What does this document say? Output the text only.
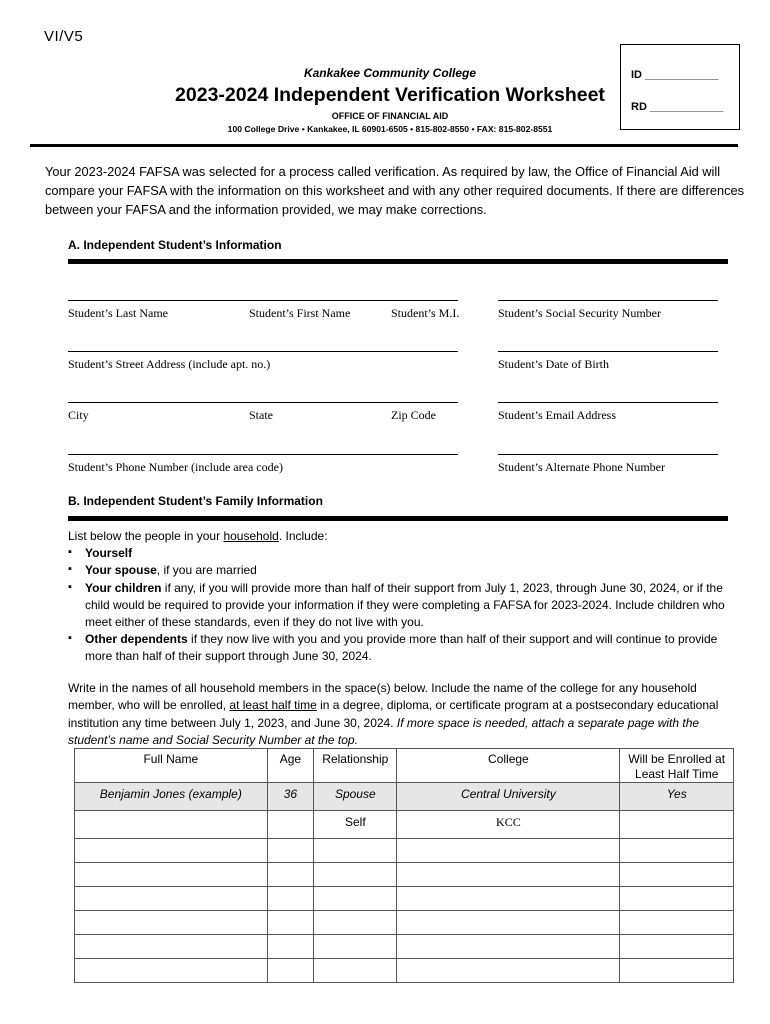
VI/V5
ID ____________
RD ____________
Kankakee Community College
2023-2024 Independent Verification Worksheet
OFFICE OF FINANCIAL AID
100 College Drive • Kankakee, IL 60901-6505 • 815-802-8550 • FAX: 815-802-8551
Your 2023-2024 FAFSA was selected for a process called verification. As required by law, the Office of Financial Aid will compare your FAFSA with the information on this worksheet and with any other required documents. If there are differences between your FAFSA and the information provided, we may make corrections.
A. Independent Student’s Information
Student’s Last Name	Student’s First Name	Student’s M.I.	Student’s Social Security Number
Student’s Street Address (include apt. no.)	Student’s Date of Birth
City	State	Zip Code	Student’s Email Address
Student’s Phone Number (include area code)	Student’s Alternate Phone Number
B. Independent Student’s Family Information
List below the people in your household. Include:
▪ Yourself
▪ Your spouse, if you are married
▪ Your children if any, if you will provide more than half of their support from July 1, 2023, through June 30, 2024, or if the child would be required to provide your information if they were completing a FAFSA for 2023-2024. Include children who meet either of these standards, even if they do not live with you.
▪ Other dependents if they now live with you and you provide more than half of their support and will continue to provide more than half of their support through June 30, 2024.
Write in the names of all household members in the space(s) below. Include the name of the college for any household member, who will be enrolled, at least half time in a degree, diploma, or certificate program at a postsecondary educational institution any time between July 1, 2023, and June 30, 2024. If more space is needed, attach a separate page with the student’s name and Social Security Number at the top.
Full Name	Age	Relationship	College	Will be Enrolled at Least Half Time
Benjamin Jones (example)	36	Spouse	Central University	Yes
		Self	KCC	
